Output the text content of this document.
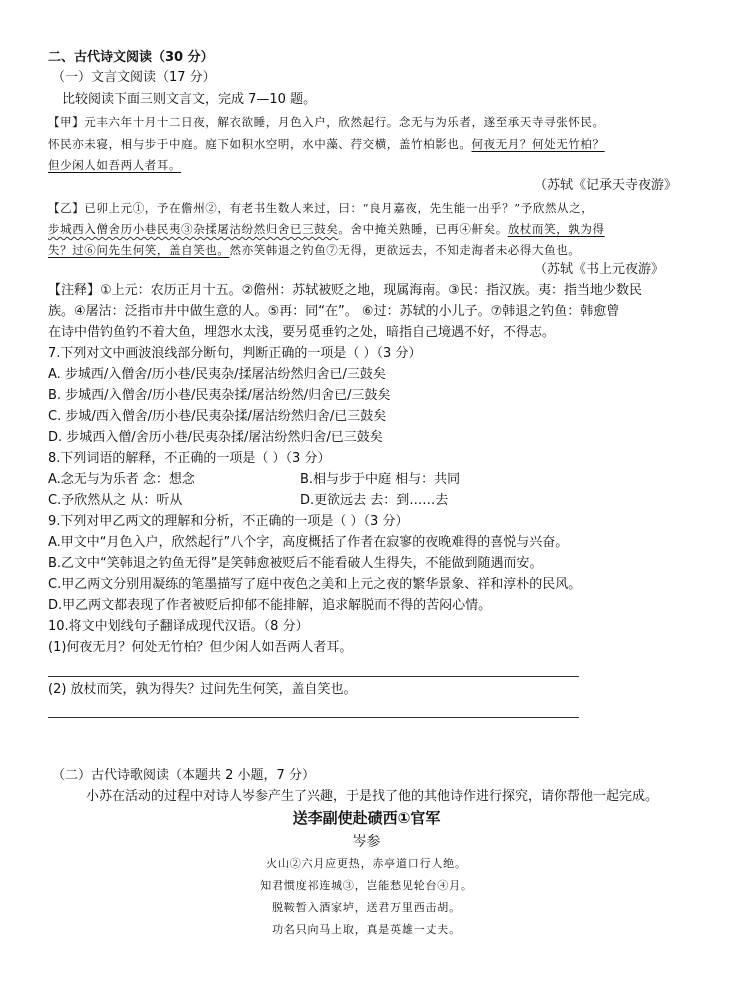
二、古代诗文阅读（30 分）
（一）文言文阅读（17 分）
比较阅读下面三则文言文，完成 7—10 题。
【甲】元丰六年十月十二日夜，解衣欲睡，月色入户，欣然起行。念无与为乐者，遂至承天寺寻张怀民。
怀民亦未寝，相与步于中庭。庭下如积水空明，水中藻、荇交横，盖竹柏影也。何夜无月？何处无竹柏？
但少闲人如吾两人者耳。
（苏轼《记承天寺夜游》
【乙】已卯上元①，予在儋州②，有老书生数人来过，曰：“良月嘉夜，先生能一出乎？”予欣然从之，
步城西入僧舍历小巷民夷③杂揉屠沽纷然归舍已三鼓矣。舍中掩关熟睡，已再④鼾矣。放杖而笑，孰为得
失？过⑥问先生何笑，盖自笑也。然亦笑韩退之钓鱼⑦无得，更欲远去，不知走海者未必得大鱼也。
（苏轼《书上元夜游》
【注释】①上元：农历正月十五。②儋州：苏轼被贬之地，现属海南。③民：指汉族。夷：指当地少数民
族。④屠沽：泛指市井中做生意的人。⑤再：同“在”。 ⑥过：苏轼的小儿子。⑦韩退之钓鱼：韩愈曾
在诗中借钓鱼钓不着大鱼，埋怨水太浅，要另觅垂钓之处，暗指自己境遇不好，不得志。
7.下列对文中画波浪线部分断句，判断正确的一项是（ ）（3 分）
A. 步城西/入僧舍/历小巷/民夷杂/揉屠沽纷然归舍已/三鼓矣
B. 步城西/入僧舍/历小巷/民夷杂揉/屠沽纷然/归舍已/三鼓矣
C. 步城/西入僧舍/历小巷/民夷杂揉/屠沽纷然归舍/已三鼓矣
D. 步城西入僧/舍历小巷/民夷杂揉/屠沽纷然归舍/已三鼓矣
8.下列词语的解释，不正确的一项是（ ）（3 分）
A.念无与为乐者 念：想念	B.相与步于中庭 相与：共同
C.予欣然从之 从：听从	D.更欲远去 去：到……去
9.下列对甲乙两文的理解和分析，不正确的一项是（ ）（3 分）
A.甲文中“月色入户，欣然起行”八个字，高度概括了作者在寂寥的夜晚难得的喜悦与兴奋。
B.乙文中“笑韩退之钓鱼无得”是笑韩愈被贬后不能看破人生得失，不能做到随遇而安。
C.甲乙两文分别用凝练的笔墨描写了庭中夜色之美和上元之夜的繁华景象、祥和淳朴的民风。
D.甲乙两文都表现了作者被贬后抑郁不能排解，追求解脱而不得的苦闷心情。
10.将文中划线句子翻译成现代汉语。（8 分）
(1)何夜无月？何处无竹柏？但少闲人如吾两人者耳。
(2) 放杖而笑，孰为得失？过问先生何笑，盖自笑也。
（二）古代诗歌阅读（本题共 2 小题，7 分）
小苏在活动的过程中对诗人岑参产生了兴趣，于是找了他的其他诗作进行探究，请你帮他一起完成。
送李副使赴碛西①官军
岑参
火山②六月应更热，赤亭道口行人绝。
知君惯度祁连城③，岂能愁见轮台④月。
脱鞍暂入酒家垆，送君万里西击胡。
功名只向马上取，真是英雄一丈夫。
